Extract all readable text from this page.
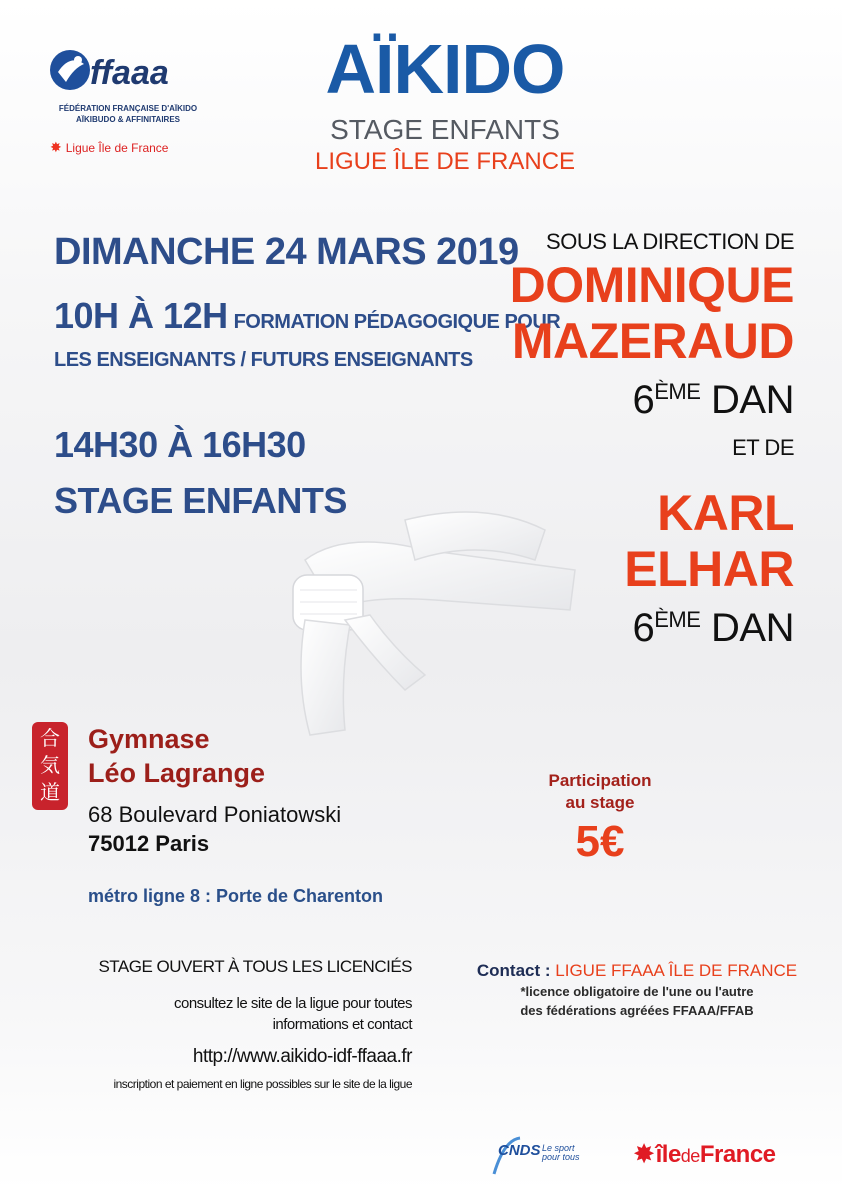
ffaaa
FÉDÉRATION FRANÇAISE D'AÏKIDO
AÏKIBUDO & AFFINITAIRES
✸ Ligue Île de France
AÏKIDO
STAGE ENFANTS
LIGUE ÎLE DE FRANCE
DIMANCHE 24 MARS 2019
10H À 12H FORMATION PÉDAGOGIQUE POUR
LES ENSEIGNANTS / FUTURS ENSEIGNANTS
14H30 À 16H30
STAGE ENFANTS
SOUS LA DIRECTION DE
DOMINIQUE
MAZERAUD
6ÈME DAN
ET DE
KARL
ELHAR
6ÈME DAN
合
気
道
Gymnase
Léo Lagrange
68 Boulevard Poniatowski
75012 Paris
métro ligne 8 : Porte de Charenton
Participation
au stage
5€
STAGE OUVERT À TOUS LES LICENCIÉS
consultez le site de la ligue pour toutes
informations et contact
http://www.aikido-idf-ffaaa.fr
inscription et paiement en ligne possibles sur le site de la ligue
Contact : LIGUE FFAAA ÎLE DE FRANCE
*licence obligatoire de l'une ou l'autre
des fédérations agréées FFAAA/FFAB
CNDS Le sport
pour tous ✸îledeFrance
